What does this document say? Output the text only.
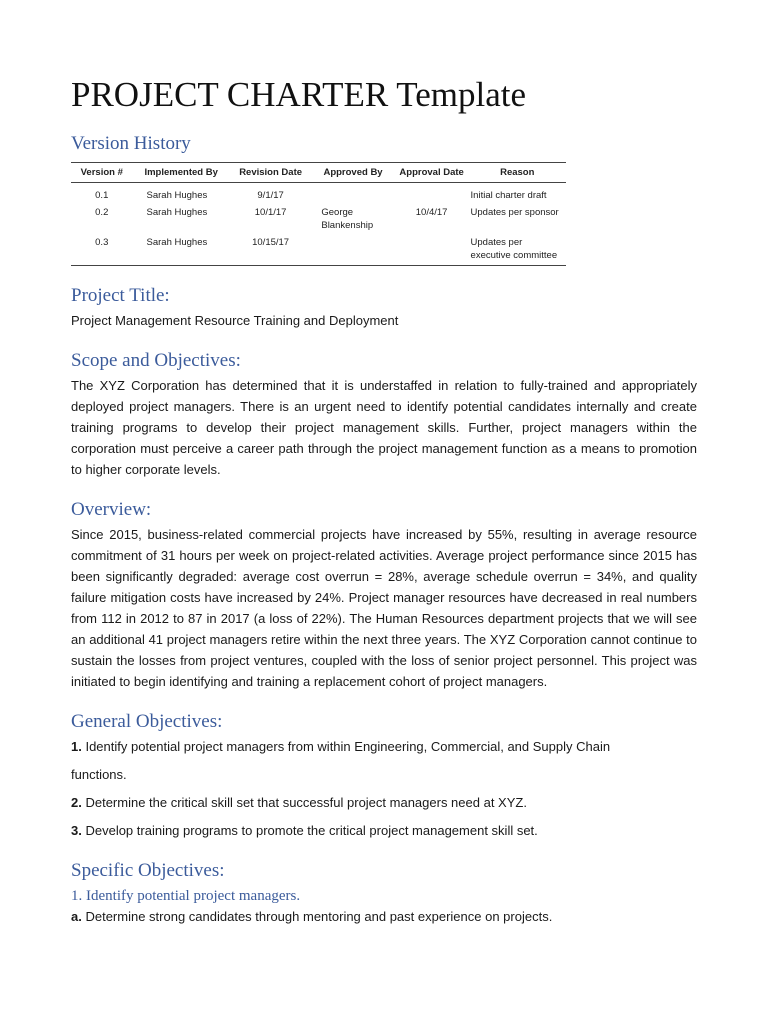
PROJECT CHARTER Template
Version History
Version #	Implemented By	Revision Date	Approved By	Approval Date	Reason

0.1	Sarah Hughes	9/1/17			Initial charter draft
0.2	Sarah Hughes	10/1/17	George Blankenship	10/4/17	Updates per sponsor
0.3	Sarah Hughes	10/15/17			Updates per executive committee
Project Title:

Project Management Resource Training and Deployment

Scope and Objectives:

The XYZ Corporation has determined that it is understaffed in relation to fully-trained and appropriately deployed project managers. There is an urgent need to identify potential candidates internally and create training programs to develop their project management skills. Further, project managers within the corporation must perceive a career path through the project management function as a means to promotion to higher corporate levels.

Overview:

Since 2015, business-related commercial projects have increased by 55%, resulting in average resource commitment of 31 hours per week on project-related activities. Average project performance since 2015 has been significantly degraded: average cost overrun = 28%, average schedule overrun = 34%, and quality failure mitigation costs have increased by 24%. Project manager resources have decreased in real numbers from 112 in 2012 to 87 in 2017 (a loss of 22%). The Human Resources department projects that we will see an additional 41 project managers retire within the next three years. The XYZ Corporation cannot continue to sustain the losses from project ventures, coupled with the loss of senior project personnel. This project was initiated to begin identifying and training a replacement cohort of project managers.

General Objectives:
1. Identify potential project managers from within Engineering, Commercial, and Supply Chain
functions.
2. Determine the critical skill set that successful project managers need at XYZ.
3. Develop training programs to promote the critical project management skill set.
Specific Objectives:
1. Identify potential project managers.
a. Determine strong candidates through mentoring and past experience on projects.
